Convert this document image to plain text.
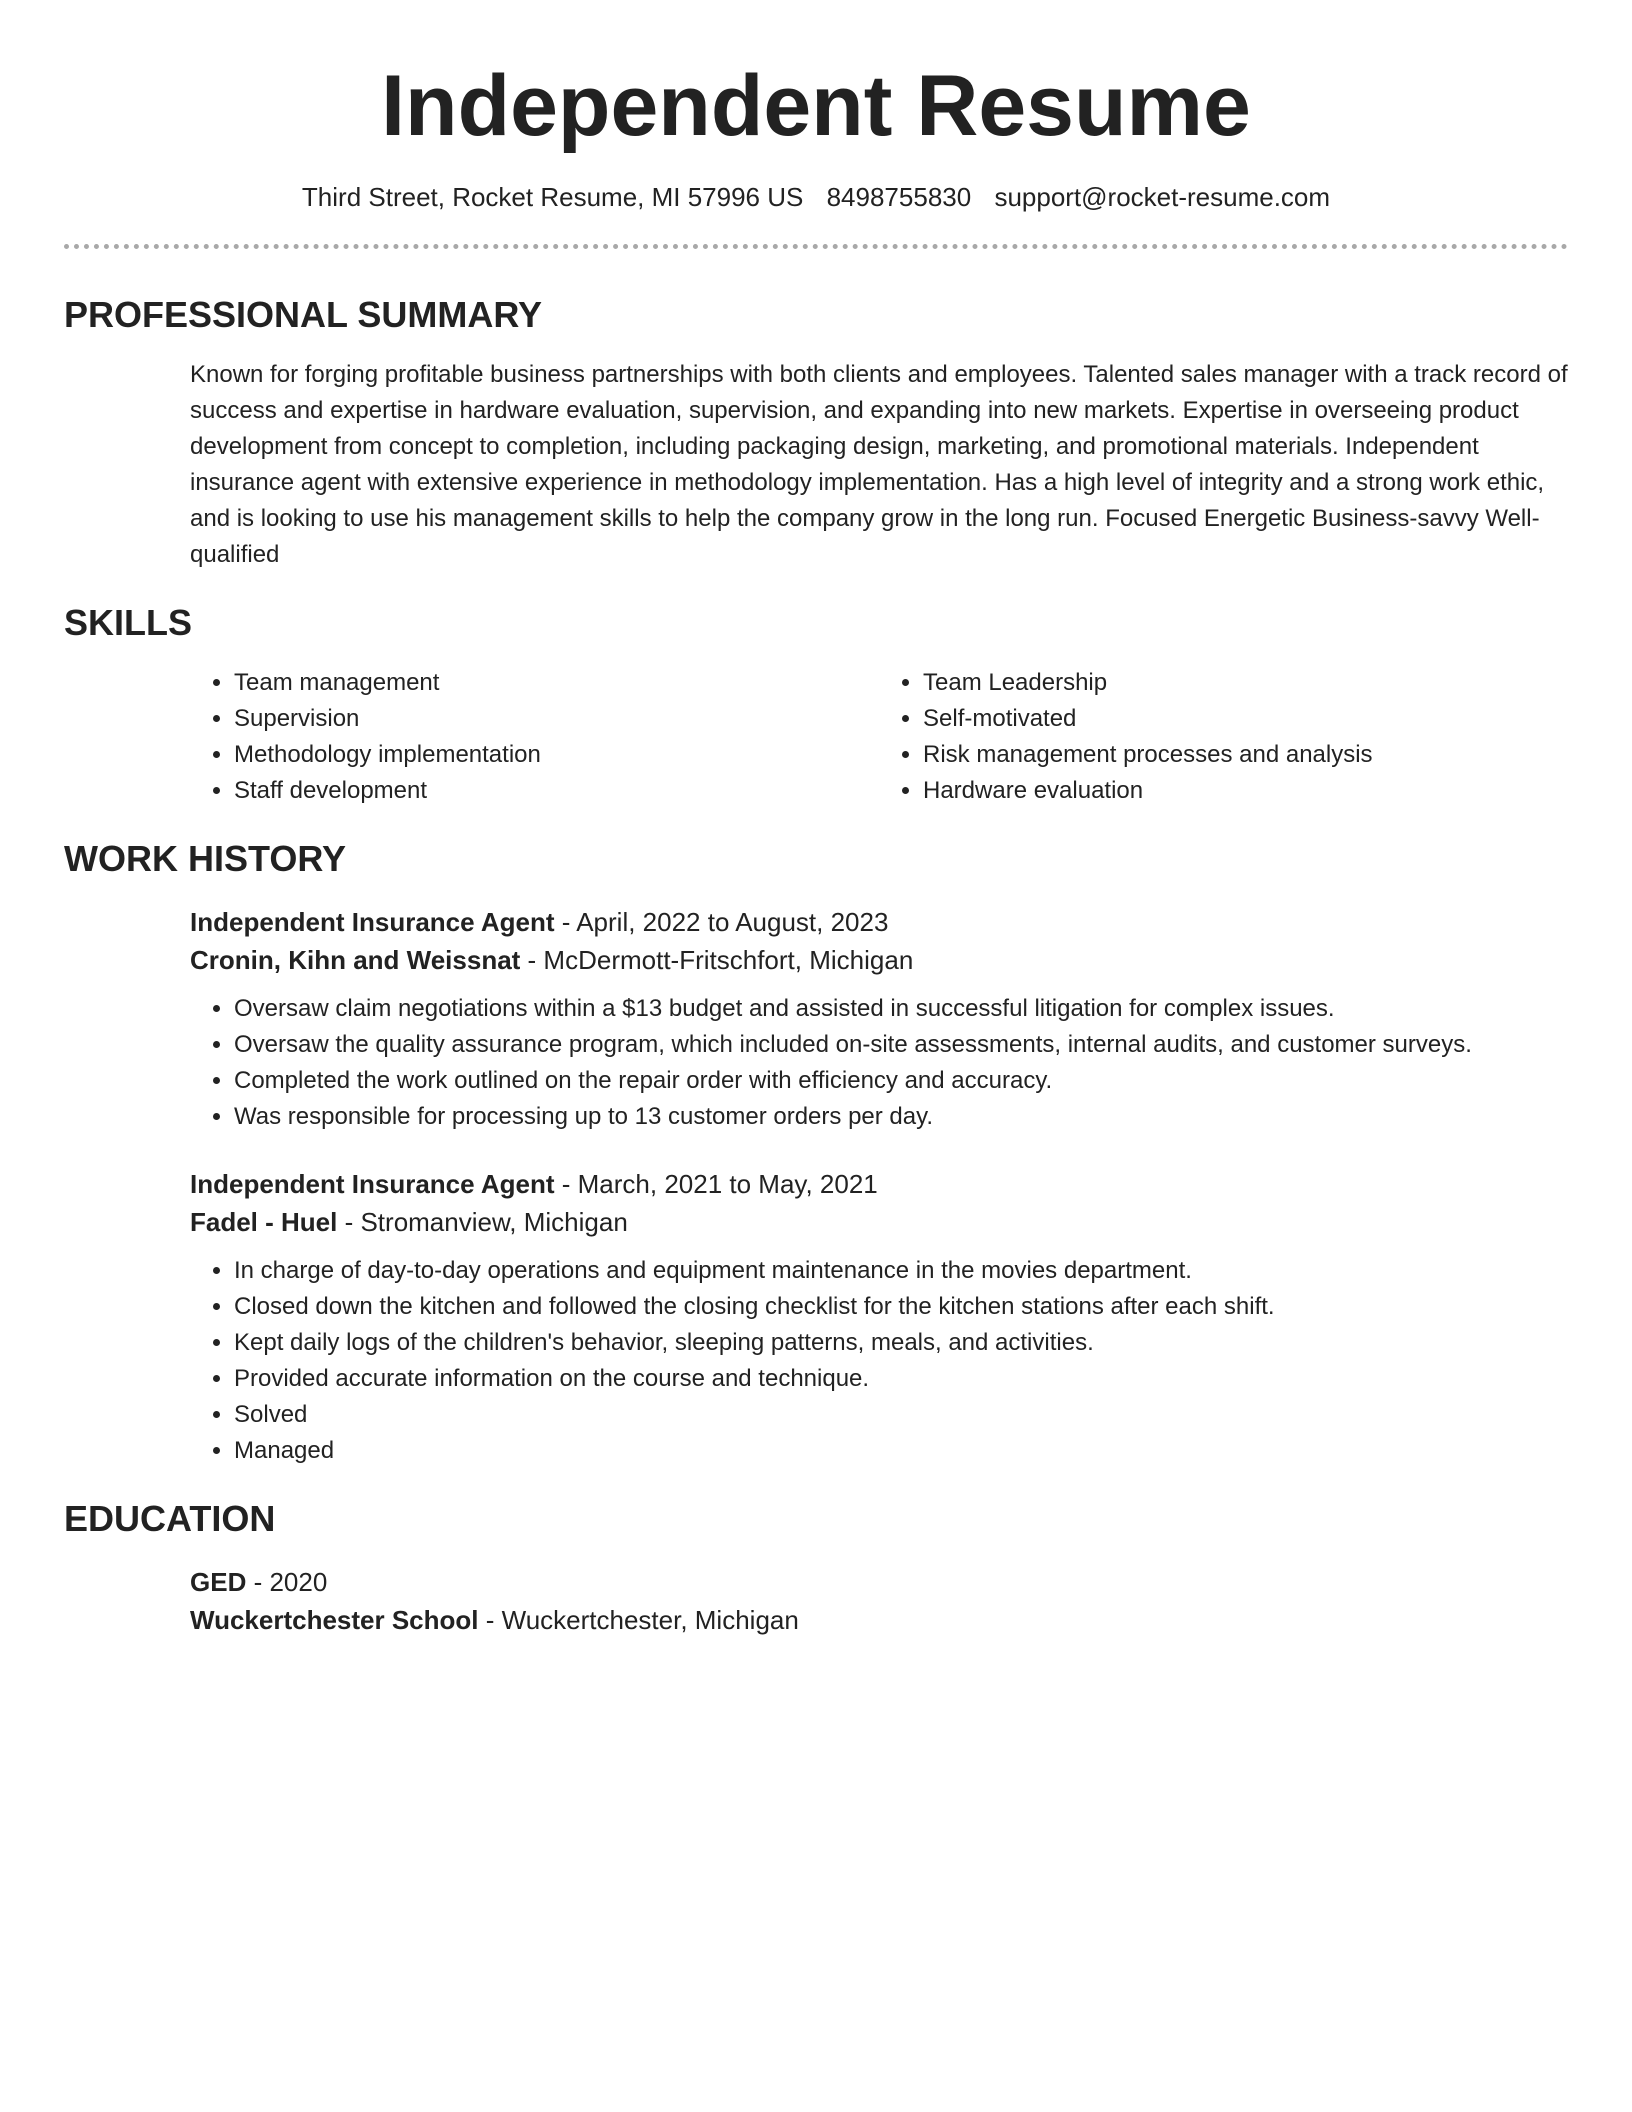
Independent Resume
Third Street, Rocket Resume, MI 57996 US 8498755830 support@rocket-resume.com
PROFESSIONAL SUMMARY
Known for forging profitable business partnerships with both clients and employees. Talented sales manager with a track record of success and expertise in hardware evaluation, supervision, and expanding into new markets. Expertise in overseeing product development from concept to completion, including packaging design, marketing, and promotional materials. Independent insurance agent with extensive experience in methodology implementation. Has a high level of integrity and a strong work ethic, and is looking to use his management skills to help the company grow in the long run. Focused Energetic Business-savvy Well-qualified
SKILLS
• Team management
• Supervision
• Methodology implementation
• Staff development
• Team Leadership
• Self-motivated
• Risk management processes and analysis
• Hardware evaluation
WORK HISTORY
Independent Insurance Agent - April, 2022 to August, 2023
Cronin, Kihn and Weissnat - McDermott-Fritschfort, Michigan
• Oversaw claim negotiations within a $13 budget and assisted in successful litigation for complex issues.
• Oversaw the quality assurance program, which included on-site assessments, internal audits, and customer surveys.
• Completed the work outlined on the repair order with efficiency and accuracy.
• Was responsible for processing up to 13 customer orders per day.
Independent Insurance Agent - March, 2021 to May, 2021
Fadel - Huel - Stromanview, Michigan
• In charge of day-to-day operations and equipment maintenance in the movies department.
• Closed down the kitchen and followed the closing checklist for the kitchen stations after each shift.
• Kept daily logs of the children's behavior, sleeping patterns, meals, and activities.
• Provided accurate information on the course and technique.
• Solved
• Managed
EDUCATION
GED - 2020
Wuckertchester School - Wuckertchester, Michigan
